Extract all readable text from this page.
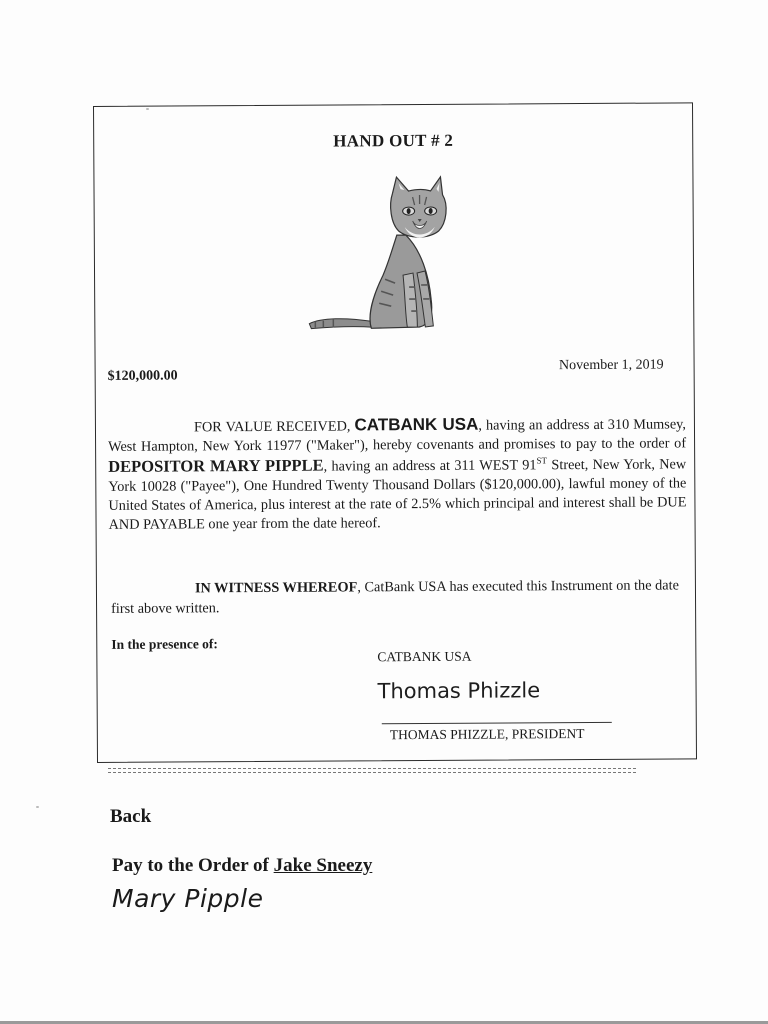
HAND OUT # 2
$120,000.00
November 1, 2019
FOR VALUE RECEIVED, CATBANK USA, having an address at 310 Mumsey, West Hampton, New York 11977 ("Maker"), hereby covenants and promises to pay to the order of DEPOSITOR MARY PIPPLE, having an address at 311 WEST 91ST Street, New York, New York 10028 ("Payee"), One Hundred Twenty Thousand Dollars ($120,000.00), lawful money of the United States of America, plus interest at the rate of 2.5% which principal and interest shall be DUE AND PAYABLE one year from the date hereof.
IN WITNESS WHEREOF, CatBank USA has executed this Instrument on the date first above written.
In the presence of:
CATBANK USA
Thomas Phizzle
THOMAS PHIZZLE, PRESIDENT
Back
Pay to the Order of Jake Sneezy
Mary Pipple
